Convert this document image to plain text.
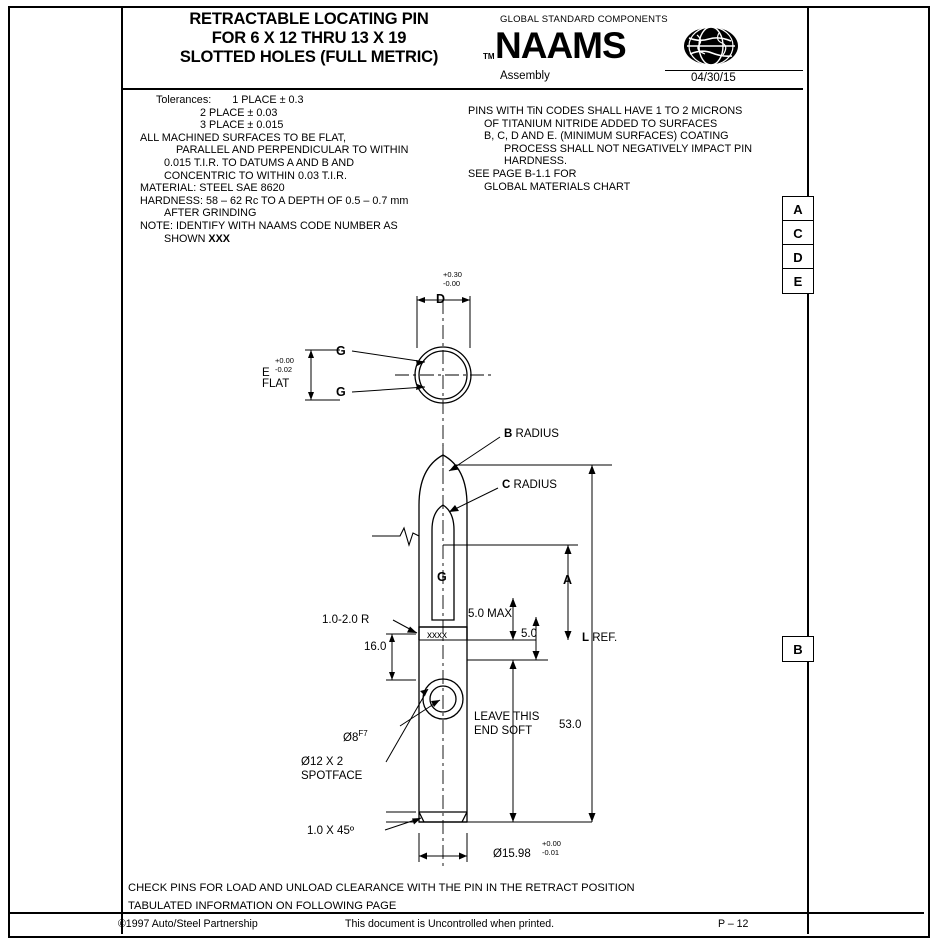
RETRACTABLE LOCATING PIN
FOR 6 X 12 THRU 13 X 19
SLOTTED HOLES (FULL METRIC)	TM
GLOBAL STANDARD COMPONENTS
NAAMS
Assembly	04/30/15
Tolerances: 1 PLACE ± 0.3
2 PLACE ± 0.03
3 PLACE ± 0.015
ALL MACHINED SURFACES TO BE FLAT,
PARALLEL AND PERPENDICULAR TO WITHIN
0.015 T.I.R. TO DATUMS A AND B AND
CONCENTRIC TO WITHIN 0.03 T.I.R.
MATERIAL: STEEL SAE 8620
HARDNESS: 58 – 62 Rc TO A DEPTH OF 0.5 – 0.7 mm
AFTER GRINDING
NOTE: IDENTIFY WITH NAAMS CODE NUMBER AS
SHOWN XXX
PINS WITH TiN CODES SHALL HAVE 1 TO 2 MICRONS
OF TITANIUM NITRIDE ADDED TO SURFACES
B, C, D AND E. (MINIMUM SURFACES) COATING
PROCESS SHALL NOT NEGATIVELY IMPACT PIN
HARDNESS.
SEE PAGE B-1.1 FOR
GLOBAL MATERIALS CHART
A
C
D
E
B
+0.30
-0.00
D
E
+0.00
-0.02
FLAT
G
G
G
B RADIUS
C RADIUS
A
L REF.
1.0-2.0 R
xxxx
5.0 MAX
5.0
16.0
53.0
$Ø8^{F7}$
Ø12 X 2
SPOTFACE
LEAVE THIS
END SOFT
1.0 X 45º
Ø15.98
+0.00
-0.01
CHECK PINS FOR LOAD AND UNLOAD CLEARANCE WITH THE PIN IN THE RETRACT POSITION
TABULATED INFORMATION ON FOLLOWING PAGE
©1997 Auto/Steel Partnership	This document is Uncontrolled when printed.	P – 12
